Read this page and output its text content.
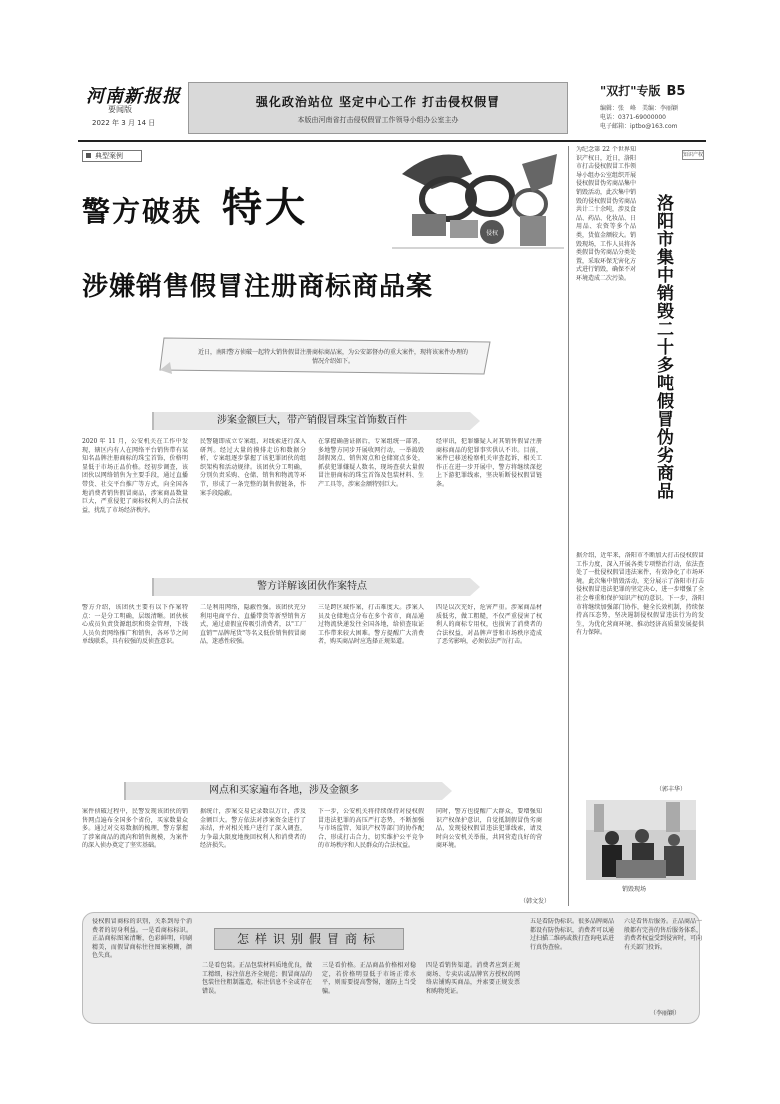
河南新报报
要闻版
2022 年 3 月 14 日
强化政治站位 坚定中心工作 打击侵权假冒
本版由河南省打击侵权假冒工作领导小组办公室主办
"双打"专版 B5
编辑：张　峰　美编：李丽颖
电话：0371-69000000
电子邮箱：iptbo@163.com
典型案例
警方破获 特大
涉嫌销售假冒注册商标商品案
侵权
近日，南阳警方侦破一起特大销售假冒注册商标商品案，为公安部督办的重大案件，现将该案件办理的情况介绍如下。
涉案金额巨大，带产销假冒珠宝首饰数百件
2020 年 11 月，公安机关在工作中发现，辖区内有人在网络平台销售带有某知名品牌注册商标的珠宝首饰，价格明显低于市场正品价格。经初步调查，该团伙以网络销售为主要手段，通过直播带货、社交平台推广等方式，向全国各地消费者销售假冒商品，涉案商品数量巨大，严重侵犯了商标权利人的合法权益，扰乱了市场经济秩序。
民警随即成立专案组，对线索进行深入研判。经过大量的摸排走访和数据分析，专案组逐步掌握了该犯罪团伙的组织架构和活动规律。该团伙分工明确，分别负责采购、仓储、销售和物流等环节，形成了一条完整的制售假链条，作案手段隐蔽。
在掌握确凿证据后，专案组统一部署，多地警方同步开展收网行动，一举捣毁制假窝点、销售窝点和仓储窝点多处，抓获犯罪嫌疑人数名，现场查获大量假冒注册商标的珠宝首饰及包装材料、生产工具等，涉案金额特别巨大。
经审讯，犯罪嫌疑人对其销售假冒注册商标商品的犯罪事实供认不讳。目前，案件已移送检察机关审查起诉，相关工作正在进一步开展中，警方将继续深挖上下游犯罪线索，坚决斩断侵权假冒链条。
警方详解该团伙作案特点
警方介绍，该团伙主要有以下作案特点：一是分工明确，层级清晰。团伙核心成员负责货源组织和资金管理，下线人员负责网络推广和销售，各环节之间单线联系，具有较强的反侦查意识。
二是利用网络，隐蔽性强。该团伙充分利用电商平台、直播带货等新型销售方式，通过虚假宣传吸引消费者，以"工厂直销""品牌尾货"等名义低价销售假冒商品，迷惑性较强。
三是跨区域作案，打击难度大。涉案人员及仓储地点分布在多个省市，商品通过物流快递发往全国各地，给侦查取证工作带来较大困难。警方提醒广大消费者，购买商品时应选择正规渠道。
四是以次充好，危害严重。涉案商品材质低劣，做工粗糙，不仅严重侵害了权利人的商标专用权，也损害了消费者的合法权益，对品牌声誉和市场秩序造成了恶劣影响，必须依法严厉打击。
网点和买家遍布各地，涉及金额多
案件侦破过程中，民警发现该团伙的销售网点遍布全国多个省份，买家数量众多。通过对交易数据的梳理，警方掌握了涉案商品的流向和销售规模，为案件的深入侦办奠定了坚实基础。
据统计，涉案交易记录数以万计，涉及金额巨大。警方依法对涉案资金进行了冻结，并对相关账户进行了深入调查，力争最大限度地挽回权利人和消费者的经济损失。
下一步，公安机关将持续保持对侵权假冒违法犯罪的高压严打态势，不断加强与市场监管、知识产权等部门的协作配合，形成打击合力，切实维护公平竞争的市场秩序和人民群众的合法权益。
同时，警方也提醒广大群众，要增强知识产权保护意识，自觉抵制假冒伪劣商品，发现侵权假冒违法犯罪线索，请及时向公安机关举报，共同营造良好的营商环境。
（韩文发）
为纪念第 22 个世界知识产权日，近日，洛阳市打击侵权假冒工作领导小组办公室组织开展侵权假冒伪劣商品集中销毁活动，此次集中销毁的侵权假冒伪劣商品共计二十余吨，涉及食品、药品、化妆品、日用品、农资等多个品类，货值金额较大。销毁现场，工作人员将各类假冒伪劣商品分类处置，采取环保无害化方式进行销毁，确保不对环境造成二次污染。
知识产权
洛阳市集中销毁二十多吨假冒伪劣商品
据介绍，近年来，洛阳市不断加大打击侵权假冒工作力度，深入开展各类专项整治行动，依法查处了一批侵权假冒违法案件，有效净化了市场环境。此次集中销毁活动，充分展示了洛阳市打击侵权假冒违法犯罪的坚定决心，进一步增强了全社会尊重和保护知识产权的意识。下一步，洛阳市将继续加强部门协作，健全长效机制，持续保持高压态势，坚决遏制侵权假冒违法行为的发生，为优化营商环境、推动经济高质量发展提供有力保障。
（郭丰华）
销毁现场
侵权假冒商标的识别，关系到每个消费者的切身利益。一是看商标标识。正品商标图案清晰，色彩鲜明，印刷精美，而假冒商标往往图案模糊，颜色失真。
二是看包装。正品包装材料质地优良，做工精细，标注信息齐全规范；假冒商品的包装往往粗制滥造，标注信息不全或存在错误。
三是看价格。正品商品价格相对稳定，若价格明显低于市场正常水平，则需要提高警惕，谨防上当受骗。
四是看销售渠道。消费者应到正规商场、专卖店或品牌官方授权的网络店铺购买商品，并索要正规发票和购物凭证。
五是看防伪标识。很多品牌商品都设有防伪标识，消费者可以通过扫描二维码或拨打查询电话进行真伪查验。
六是看售后服务。正品商品一般都有完善的售后服务体系，消费者权益受到侵害时，可向有关部门投诉。
怎样识别假冒商标
（李丽颖）
